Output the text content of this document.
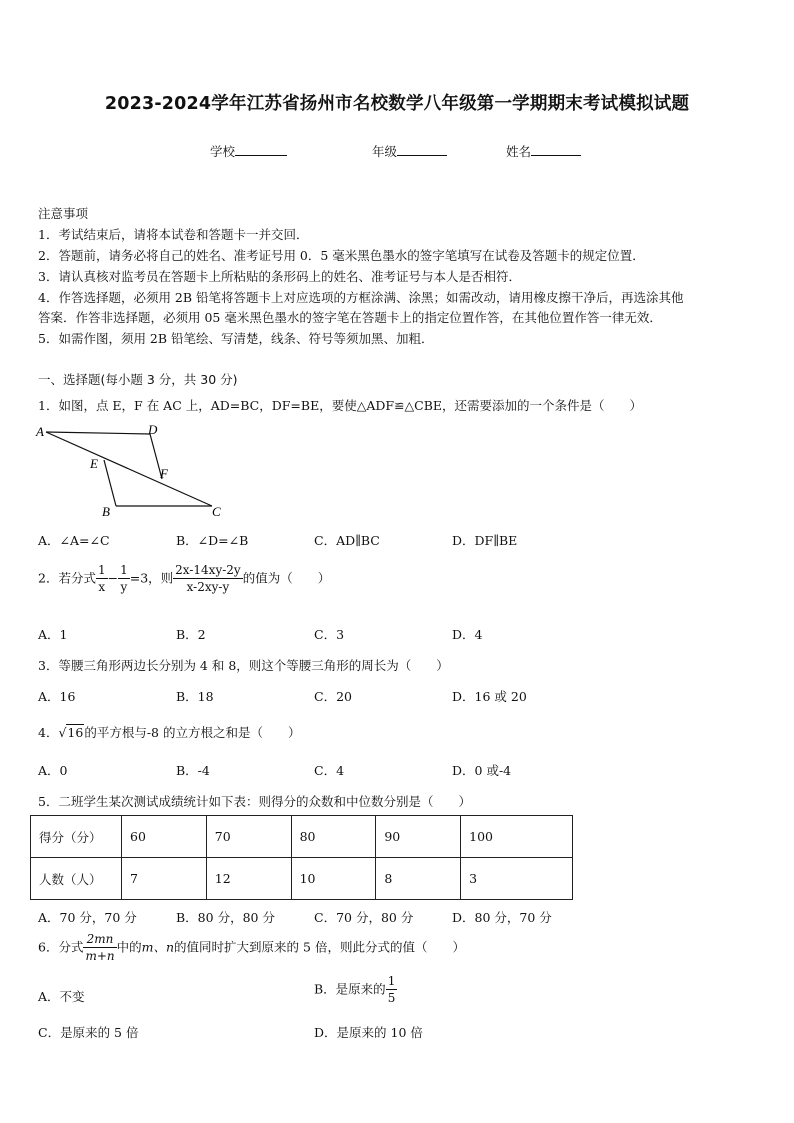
2023-2024学年江苏省扬州市名校数学八年级第一学期期末考试模拟试题
学校	年级	姓名
注意事项
1．考试结束后，请将本试卷和答题卡一并交回．
2．答题前，请务必将自己的姓名、准考证号用 0．5 毫米黑色墨水的签字笔填写在试卷及答题卡的规定位置．
3．请认真核对监考员在答题卡上所粘贴的条形码上的姓名、准考证号与本人是否相符．
4．作答选择题，必须用 2B 铅笔将答题卡上对应选项的方框涂满、涂黑；如需改动，请用橡皮擦干净后，再选涂其他
答案．作答非选择题，必须用 05 毫米黑色墨水的签字笔在答题卡上的指定位置作答，在其他位置作答一律无效．
5．如需作图，须用 2B 铅笔绘、写清楚，线条、符号等须加黑、加粗．
一、选择题(每小题 3 分，共 30 分)
1．如图，点 E，F 在 AC 上，AD=BC，DF=BE，要使△ADF≌△CBE，还需要添加的一个条件是（　　）
A	D
E
F
B	C
A．∠A=∠C	B．∠D=∠B	C．AD∥BC	D．DF∥BE
2．若分式 $\frac{1}{x} - \frac{1}{y} =3$，则 $\frac{2x-14xy-2y}{x-2xy-y}$ 的值为（　　）
A．1	B．2	C．3	D．4
3．等腰三角形两边长分别为 4 和 8，则这个等腰三角形的周长为（　　）
A．16	B．18	C．20	D．16 或 20
4．√16的平方根与-8 的立方根之和是（　　）
A．0	B．-4	C．4	D．0 或-4
5．二班学生某次测试成绩统计如下表：则得分的众数和中位数分别是（　　）
得分（分）	60	70	80	90	100
人数（人）	7	12	10	8	3
A．70 分，70 分	B．80 分，80 分	C．70 分，80 分	D．80 分，70 分
6．分式 $\frac{2mn}{m+n}$ 中的m、n的值同时扩大到原来的 5 倍，则此分式的值（　　）
A．不变
B．是原来的 $\frac{1}{5}$
C．是原来的 5 倍	D．是原来的 10 倍
